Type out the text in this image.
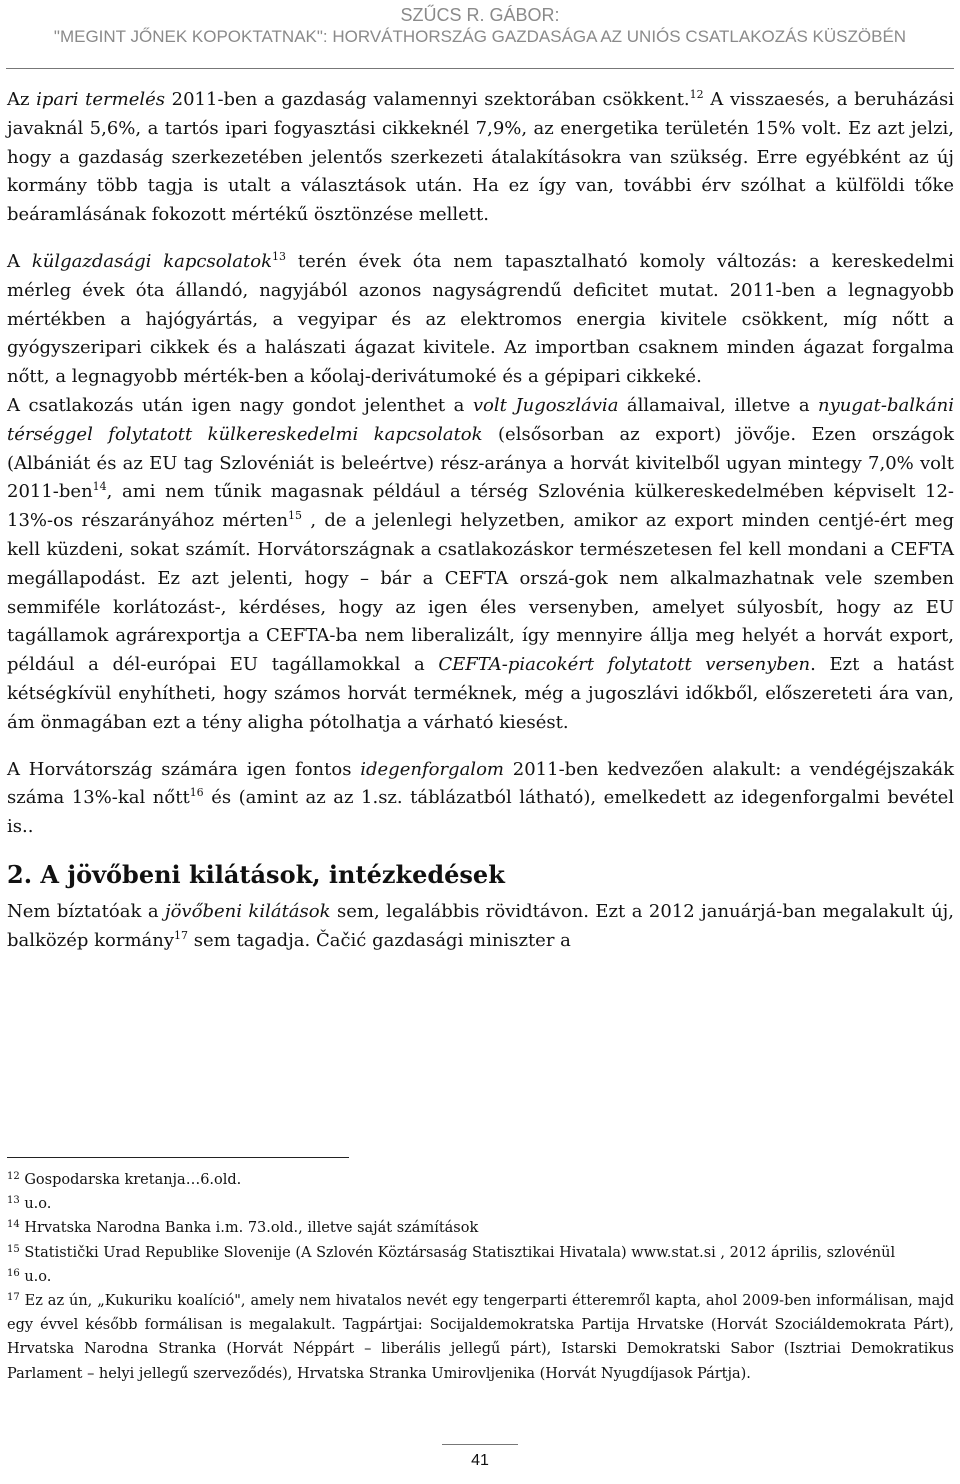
SZŰCS R. GÁBOR:
"MEGINT JŐNEK KOPOKTATNAK": HORVÁTHORSZÁG GAZDASÁGA AZ UNIÓS CSATLAKOZÁS KÜSZÖBÉN

Az ipari termelés 2011-ben a gazdaság valamennyi szektorában csökkent.$^{12}$ A visszaesés, a beruházási javaknál 5,6%, a tartós ipari fogyasztási cikkeknél 7,9%, az energetika területén 15% volt. Ez azt jelzi, hogy a gazdaság szerkezetében jelentős szerkezeti átalakításokra van szükség. Erre egyébként az új kormány több tagja is utalt a választások után. Ha ez így van, további érv szólhat a külföldi tőke beáramlásának fokozott mértékű ösztönzése mellett.

A külgazdasági kapcsolatok$^{13}$ terén évek óta nem tapasztalható komoly változás: a kereskedelmi mérleg évek óta állandó, nagyjából azonos nagyságrendű deficitet mutat. 2011-ben a legnagyobb mértékben a hajógyártás, a vegyipar és az elektromos energia kivitele csökkent, míg nőtt a gyógyszeripari cikkek és a halászati ágazat kivitele. Az importban csaknem minden ágazat forgalma nőtt, a legnagyobb mérték-ben a kőolaj-derivátumoké és a gépipari cikkeké.

A csatlakozás után igen nagy gondot jelenthet a volt Jugoszlávia államaival, illetve a nyugat-balkáni térséggel folytatott külkereskedelmi kapcsolatok (elsősorban az export) jövője. Ezen országok (Albániát és az EU tag Szlovéniát is beleértve) rész-aránya a horvát kivitelből ugyan mintegy 7,0% volt 2011-ben$^{14}$, ami nem tűnik magasnak például a térség Szlovénia külkereskedelmében képviselt 12-13%-os részarányához mérten$^{15}$ , de a jelenlegi helyzetben, amikor az export minden centjé-ért meg kell küzdeni, sokat számít. Horvátországnak a csatlakozáskor természetesen fel kell mondani a CEFTA megállapodást. Ez azt jelenti, hogy – bár a CEFTA orszá-gok nem alkalmazhatnak vele szemben semmiféle korlátozást-, kérdéses, hogy az igen éles versenyben, amelyet súlyosbít, hogy az EU tagállamok agrárexportja a CEFTA-ba nem liberalizált, így mennyire állja meg helyét a horvát export, például a dél-európai EU tagállamokkal a CEFTA-piacokért folytatott versenyben. Ezt a hatást kétségkívül enyhítheti, hogy számos horvát terméknek, még a jugoszlávi időkből, előszereteti ára van, ám önmagában ezt a tény aligha pótolhatja a várható kiesést.

A Horvátország számára igen fontos idegenforgalom 2011-ben kedvezően alakult: a vendégéjszakák száma 13%-kal nőtt$^{16}$ és (amint az az 1.sz. táblázatból látható), emelkedett az idegenforgalmi bevétel is..

2. A jövőbeni kilátások, intézkedések

Nem bíztatóak a jövőbeni kilátások sem, legalábbis rövidtávon. Ezt a 2012 januárjá-ban megalakult új, balközép kormány$^{17}$ sem tagadja. Čačić gazdasági miniszter a

$^{12}$ Gospodarska kretanja…6.old.

$^{13}$ u.o.

$^{14}$ Hrvatska Narodna Banka i.m. 73.old., illetve saját számítások

$^{15}$ Statistički Urad Republike Slovenije (A Szlovén Köztársaság Statisztikai Hivatala) www.stat.si , 2012 április, szlovénül

$^{16}$ u.o.

$^{17}$ Ez az ún, „Kukuriku koalíció", amely nem hivatalos nevét egy tengerparti étteremről kapta, ahol 2009-ben informálisan, majd egy évvel később formálisan is megalakult. Tagpártjai: Socijaldemokratska Partija Hrvatske (Horvát Szociáldemokrata Párt), Hrvatska Narodna Stranka (Horvát Néppárt – liberális jellegű párt), Istarski Demokratski Sabor (Isztriai Demokratikus Parlament – helyi jellegű szerveződés), Hrvatska Stranka Umirovljenika (Horvát Nyugdíjasok Pártja).

41
